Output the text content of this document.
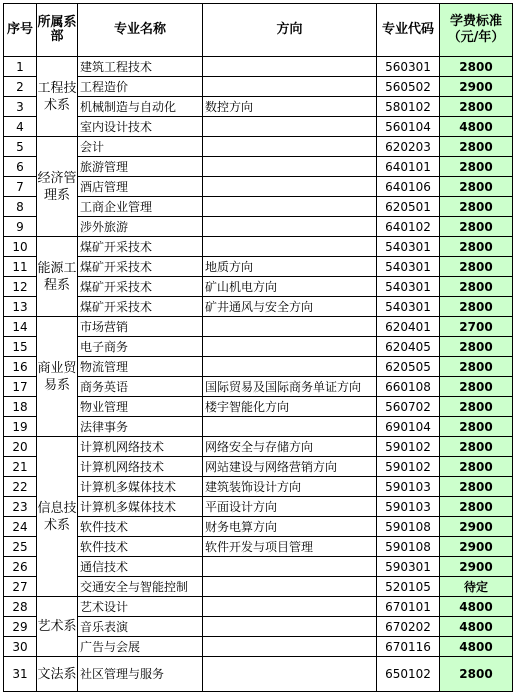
序号	所属系部	专业名称	方向	专业代码	学费标准（元/年）
1	工程技术系	建筑工程技术		560301	2800
2		工程造价		560502	2900
3		机械制造与自动化	数控方向	580102	2800
4		室内设计技术		560104	4800
5	经济管理系	会计		620203	2800
6		旅游管理		640101	2800
7		酒店管理		640106	2800
8		工商企业管理		620501	2800
9		涉外旅游		640102	2800
10	能源工程系	煤矿开采技术		540301	2800
11		煤矿开采技术	地质方向	540301	2800
12		煤矿开采技术	矿山机电方向	540301	2800
13		煤矿开采技术	矿井通风与安全方向	540301	2800
14	商业贸易系	市场营销		620401	2700
15		电子商务		620405	2800
16		物流管理		620505	2800
17		商务英语	国际贸易及国际商务单证方向	660108	2800
18		物业管理	楼宇智能化方向	560702	2800
19		法律事务		690104	2800
20	信息技术系	计算机网络技术	网络安全与存储方向	590102	2800
21		计算机网络技术	网站建设与网络营销方向	590102	2800
22		计算机多媒体技术	建筑装饰设计方向	590103	2800
23		计算机多媒体技术	平面设计方向	590103	2800
24		软件技术	财务电算方向	590108	2900
25		软件技术	软件开发与项目管理	590108	2900
26		通信技术		590301	2900
27		交通安全与智能控制		520105	待定
28	艺术系	艺术设计		670101	4800
29		音乐表演		670202	4800
30		广告与会展		670116	4800
31	文法系	社区管理与服务		650102	2800
